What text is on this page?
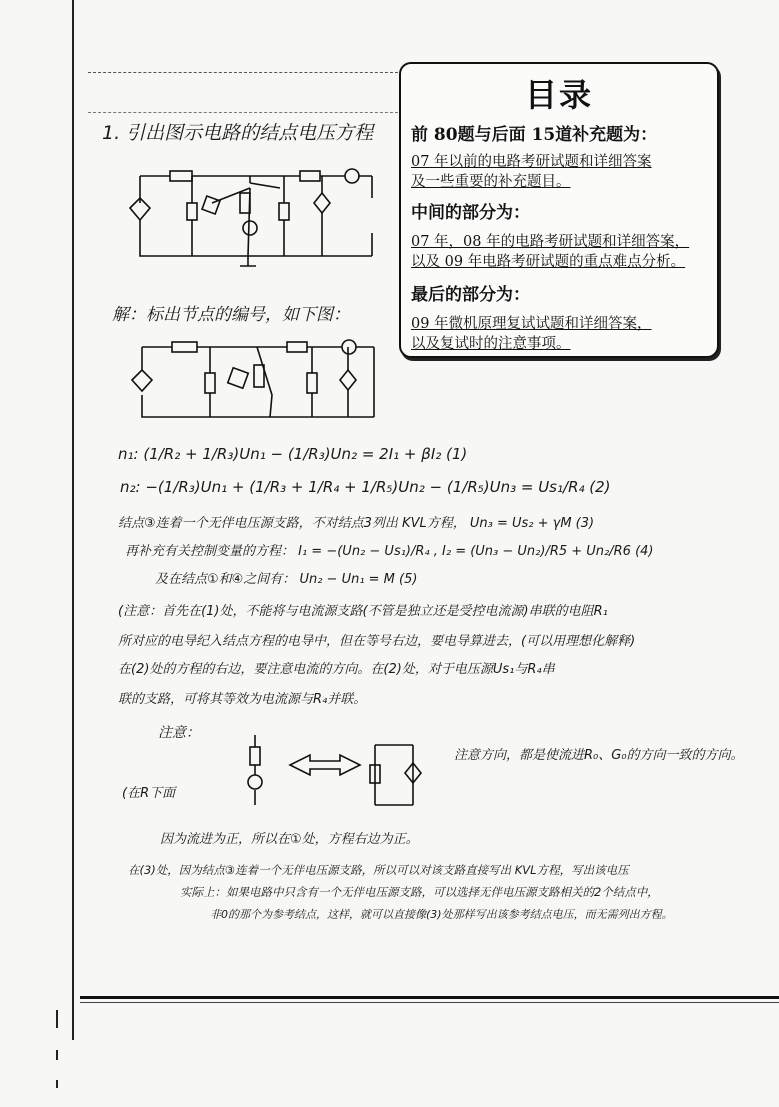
目录
前 80题与后面 15道补充题为：
07 年以前的电路考研试题和详细答案
及一些重要的补充题目。
中间的部分为：
07 年，08 年的电路考研试题和详细答案，
以及 09 年电路考研试题的重点难点分析。
最后的部分为：
09 年微机原理复试试题和详细答案，
以及复试时的注意事项。
1. 引出图示电路的结点电压方程
解：标出节点的编号，如下图：
n₁: (1/R₂ + 1/R₃)Un₁ − (1/R₃)Un₂ = 2I₁ + βI₂ (1)
n₂: −(1/R₃)Un₁ + (1/R₃ + 1/R₄ + 1/R₅)Un₂ − (1/R₅)Un₃ = Us₁/R₄ (2)
结点③连着一个无伴电压源支路，不对结点3列出 KVL方程， Un₃ = Us₂ + γM (3)
再补充有关控制变量的方程： I₁ = −(Un₂ − Us₁)/R₄ , I₂ = (Un₃ − Un₂)/R5 + Un₂/R6 (4)
及在结点①和④之间有： Un₂ − Un₁ = M (5)
(注意：首先在(1)处，不能将与电流源支路(不管是独立还是受控电流源)串联的电阻R₁
所对应的电导纪入结点方程的电导中，但在等号右边，要电导算进去，(可以用理想化解释)
在(2)处的方程的右边，要注意电流的方向。在(2)处，对于电压源Us₁与R₄串
联的支路，可将其等效为电流源与R₄并联。
注意：
注意方向，都是使流进R₀、G₀的方向一致的方向。
(在R下面
因为流进为正，所以在①处，方程右边为正。
在(3)处，因为结点③连着一个无伴电压源支路，所以可以对该支路直接写出 KVL方程，写出该电压
实际上：如果电路中只含有一个无伴电压源支路，可以选择无伴电压源支路相关的2个结点中，
非0的那个为参考结点，这样，就可以直接像(3)处那样写出该参考结点电压，而无需列出方程。
